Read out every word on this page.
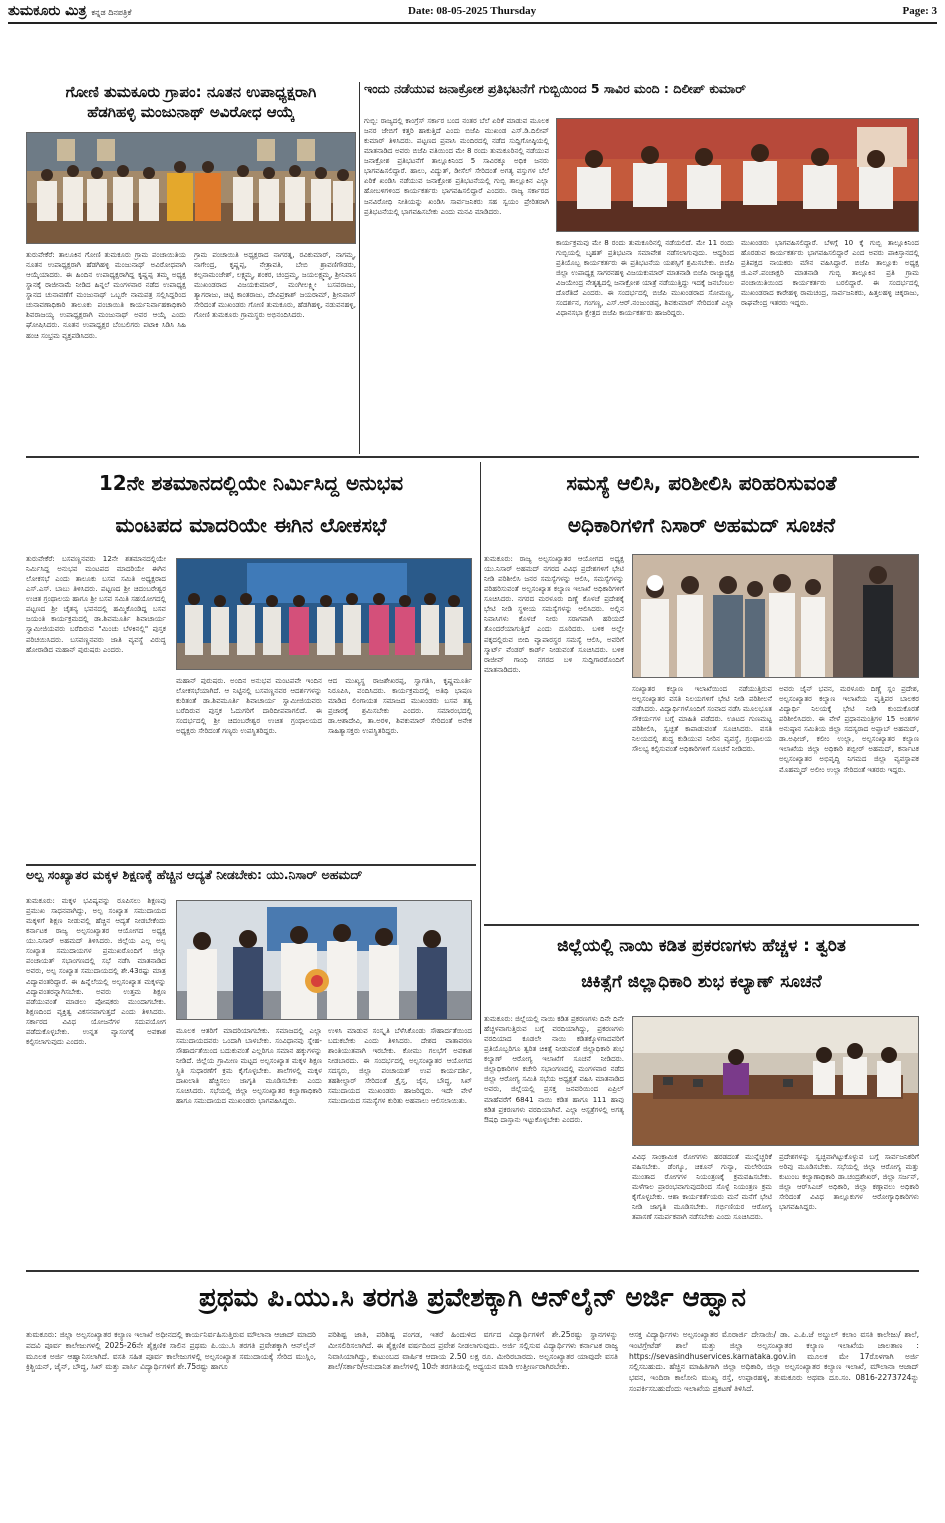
ತುಮಕೂರು ಮಿತ್ರ ಕನ್ನಡ ದಿನಪತ್ರಿಕೆ	Date: 08-05-2025 Thursday	Page: 3
ಗೋಣಿ ತುಮಕೂರು ಗ್ರಾಪಂ: ನೂತನ ಉಪಾಧ್ಯಕ್ಷರಾಗಿ
ಹೆಡಗಿಹಳ್ಳಿ ಮಂಜುನಾಥ್ ಅವಿರೋಧ ಆಯ್ಕೆ
ತುರುವೇಕೆರೆ: ತಾಲೂಕಿನ ಗೋಣಿ ತುಮಕೂರು ಗ್ರಾಮ ಪಂಚಾಯಿತಿಯ ನೂತನ ಉಪಾಧ್ಯಕ್ಷರಾಗಿ ಹೆಡಗಿಹಳ್ಳಿ ಮಂಜುನಾಥ್ ಅವಿರೋಧವಾಗಿ ಆಯ್ಕೆಯಾದರು. ಈ ಹಿಂದಿನ ಉಪಾಧ್ಯಕ್ಷರಾಗಿದ್ದ ಕೃಷ್ಣಪ್ಪ ತಮ್ಮ ಅಧ್ಯಕ್ಷ ಸ್ಥಾನಕ್ಕೆ ರಾಜೀನಾಮೆ ನೀಡಿದ ಹಿನ್ನಲೆ ಮಂಗಳವಾರ ನಡೆದ ಉಪಾಧ್ಯಕ್ಷ ಸ್ಥಾನದ ಚುನಾವಣೆಗೆ ಮಂಜುನಾಥ್ ಒಬ್ಬರೇ ನಾಮಪತ್ರ ಸಲ್ಲಿಸಿದ್ದರಿಂದ ಚುನಾವಣಾಧಿಕಾರಿ ತಾಲೂಕು ಪಂಚಾಯಿತಿ ಕಾರ್ಯನಿರ್ವಾಹಕಾಧಿಕಾರಿ ಶಿವರಾಜಯ್ಯ ಉಪಾಧ್ಯಕ್ಷರಾಗಿ ಮಂಜುನಾಥ್ ಅವರ ಆಯ್ಕೆ ಎಂದು ಘೋಷಿಸಿದರು. ನೂತನ ಉಪಾಧ್ಯಕ್ಷರ ಬೆಂಬಲಿಗರು ಪಟಾಕಿ ಸಿಡಿಸಿ ಸಿಹಿ ಹಂಚಿ ಸಂಭ್ರಮ ವ್ಯಕ್ತಪಡಿಸಿದರು.
ಗ್ರಾಮ ಪಂಚಾಯಿತಿ ಅಧ್ಯಕ್ಷರಾದ ನಾಗರತ್ನ, ರವಿಕುಮಾರ್, ನಾಗಮ್ಮ, ನಾಗೇಂದ್ರ, ಕೃಷ್ಣಪ್ಪ, ನೇತ್ರಾವತಿ, ಬೇಬಿ ಶ್ರಾವಣಿಗೌಡರು, ಕಲ್ಪನಾಮಂಜೇಶ್, ಲಕ್ಷ್ಮಮ್ಮ, ಶಂಕರ, ಚಂದ್ರಮ್ಮ, ಜಯಲಕ್ಷ್ಮಮ್ಮ, ಶ್ರೀನಿವಾಸ ಮುಖಂಡರಾದ ವಿಜಯಕುಮಾರ್, ಮಂಗೀಲಕ್ಷ್ಮೀ ಬಸವರಾಜು, ತ್ಯಾಗರಾಜು, ಚಿಟ್ಟಿ ಕಾಂತರಾಜು, ದೇವಿಪ್ರಕಾಶ್ ಜಯರಾಮ್, ಶ್ರೀನಿವಾಸ್ ಸೇರಿದಂತೆ ಮುಖಂಡರು ಗೋಣಿ ತುಮಕೂರು, ಹೆಡಗಿಹಳ್ಳಿ, ನಡುವನಹಳ್ಳಿ, ಗೋಣಿ ತುಮಕೂರು ಗ್ರಾಮಸ್ಥರು ಅಭಿನಂದಿಸಿದರು.
ಇಂದು ನಡೆಯುವ ಜನಾಕ್ರೋಶ ಪ್ರತಿಭಟನೆಗೆ ಗುಬ್ಬಿಯಿಂದ 5 ಸಾವಿರ ಮಂದಿ : ದಿಲೀಪ್ ಕುಮಾರ್
ಗುಬ್ಬಿ: ರಾಜ್ಯದಲ್ಲಿ ಕಾಂಗ್ರೆಸ್ ಸರ್ಕಾರ ಬಂದ ನಂತರ ಬೆಲೆ ಏರಿಕೆ ಮಾಡುವ ಮೂಲಕ ಜನರ ಜೇಬಿಗೆ ಕತ್ತರಿ ಹಾಕುತ್ತಿದೆ ಎಂದು ಬಿಜೆಪಿ ಮುಖಂಡ ಎಸ್.ಡಿ.ದಿಲೀಪ್ ಕುಮಾರ್ ತಿಳಿಸಿದರು. ಪಟ್ಟಣದ ಪ್ರವಾಸಿ ಮಂದಿರದಲ್ಲಿ ನಡೆದ ಸುದ್ದಿಗೋಷ್ಠಿಯಲ್ಲಿ ಮಾತನಾಡಿದ ಅವರು ಬಿಜೆಪಿ ವತಿಯಿಂದ ಮೇ 8 ರಂದು ತುಮಕೂರಿನಲ್ಲಿ ನಡೆಯುವ ಜನಾಕ್ರೋಶ ಪ್ರತಿಭಟನೆಗೆ ತಾಲ್ಲೂಕಿನಿಂದ 5 ಸಾವಿರಕ್ಕೂ ಅಧಿಕ ಜನರು ಭಾಗವಹಿಸಲಿದ್ದಾರೆ. ಹಾಲು, ವಿದ್ಯುತ್, ಡೀಸೆಲ್ ಸೇರಿದಂತೆ ಅಗತ್ಯ ವಸ್ತುಗಳ ಬೆಲೆ ಏರಿಕೆ ಖಂಡಿಸಿ ನಡೆಯುವ ಜನಾಕ್ರೋಶ ಪ್ರತಿಭಟನೆಯಲ್ಲಿ ಗುಬ್ಬಿ ತಾಲ್ಲೂಕಿನ ಎಲ್ಲಾ ಹೋಬಳಿಗಳಿಂದ ಕಾರ್ಯಕರ್ತರು ಭಾಗವಹಿಸಲಿದ್ದಾರೆ ಎಂದರು. ರಾಜ್ಯ ಸರ್ಕಾರದ ಜನವಿರೋಧಿ ನೀತಿಯನ್ನು ಖಂಡಿಸಿ ಸಾರ್ವಜನಿಕರು ಸಹ ಸ್ವಯಂ ಪ್ರೇರಿತರಾಗಿ ಪ್ರತಿಭಟನೆಯಲ್ಲಿ ಭಾಗವಹಿಸಬೇಕು ಎಂದು ಮನವಿ ಮಾಡಿದರು.
ಕಾರ್ಯಕ್ರಮವು ಮೇ 8 ರಂದು ತುಮಕೂರಿನಲ್ಲಿ ನಡೆಯಲಿದೆ. ಮೇ 11 ರಂದು ಗುಬ್ಬಿಯಲ್ಲಿ ಬೃಹತ್ ಪ್ರತಿಭಟನಾ ಸಮಾವೇಶ ನಡೆಸಲಾಗುವುದು. ಆದ್ದರಿಂದ ಪ್ರತಿಯೊಬ್ಬ ಕಾರ್ಯಕರ್ತರು ಈ ಪ್ರತಿಭಟನೆಯ ಯಶಸ್ಸಿಗೆ ಶ್ರಮಿಸಬೇಕು. ಬಿಜೆಪಿ ಜಿಲ್ಲಾ ಉಪಾಧ್ಯಕ್ಷ ಸಾಗರನಹಳ್ಳಿ ವಿಜಯಕುಮಾರ್ ಮಾತನಾಡಿ ಬಿಜೆಪಿ ರಾಜ್ಯಾಧ್ಯಕ್ಷ ವಿಜಯೇಂದ್ರ ನೇತೃತ್ವದಲ್ಲಿ ಜನಾಕ್ರೋಶ ಯಾತ್ರೆ ನಡೆಯುತ್ತಿದ್ದು ಇದಕ್ಕೆ ಜನಬೆಂಬಲ ದೊರೆತಿದೆ ಎಂದರು. ಈ ಸಂದರ್ಭದಲ್ಲಿ ಬಿಜೆಪಿ ಮುಖಂಡರಾದ ಸೋಮಣ್ಣ, ಸಂದರ್ಶನ, ಗಂಗಣ್ಣ, ಎಸ್.ಆರ್.ನಂಜುಂಡಪ್ಪ, ಶಿವಕುಮಾರ್ ಸೇರಿದಂತೆ ಎಲ್ಲಾ ವಿಧಾನಸಭಾ ಕ್ಷೇತ್ರದ ಬಿಜೆಪಿ ಕಾರ್ಯಕರ್ತರು ಹಾಜರಿದ್ದರು.
ಮುಖಂಡರು ಭಾಗವಹಿಸಲಿದ್ದಾರೆ. ಬೆಳಿಗ್ಗೆ 10 ಕ್ಕೆ ಗುಬ್ಬಿ ತಾಲ್ಲೂಕಿನಿಂದ ಹೊರಡುವ ಕಾರ್ಯಕರ್ತರು ಭಾಗವಹಿಸಲಿದ್ದಾರೆ ಎಂದ ಅವರು ಪಾಕಿಸ್ತಾನದಲ್ಲಿ ಪ್ರತಿಪಕ್ಷದ ನಾಯಕರು ಮೌನ ವಹಿಸಿದ್ದಾರೆ. ಬಿಜೆಪಿ ತಾಲ್ಲೂಕು ಅಧ್ಯಕ್ಷ ಜಿ.ಎನ್.ಪಂಚಾಕ್ಷರಿ ಮಾತನಾಡಿ ಗುಬ್ಬಿ ತಾಲ್ಲೂಕಿನ ಪ್ರತಿ ಗ್ರಾಮ ಪಂಚಾಯಿತಿಯಿಂದ ಕಾರ್ಯಕರ್ತರು ಬರಲಿದ್ದಾರೆ. ಈ ಸಂದರ್ಭದಲ್ಲಿ ಮುಖಂಡರಾದ ಕಾರೇಹಳ್ಳಿ ರಾಮಚಂದ್ರ, ಸಾರ್ವಜನಿಕರು, ಹಿತ್ತಲಹಳ್ಳಿ ಚಿಕ್ಕರಾಜು, ರಾಘವೇಂದ್ರ ಇತರರು ಇದ್ದರು.
12ನೇ ಶತಮಾನದಲ್ಲಿಯೇ ನಿರ್ಮಿಸಿದ್ದ ಅನುಭವ
ಮಂಟಪದ ಮಾದರಿಯೇ ಈಗಿನ ಲೋಕಸಭೆ
ತುರುವೇಕೆರೆ: ಬಸವಣ್ಣನವರು 12ನೇ ಶತಮಾನದಲ್ಲಿಯೇ ನಿರ್ಮಿಸಿದ್ದ ಅನುಭವ ಮಂಟಪದ ಮಾದರಿಯೇ ಈಗಿನ ಲೋಕಸಭೆ ಎಂದು ತಾಲೂಕು ಬಸವ ಸಮಿತಿ ಅಧ್ಯಕ್ಷರಾದ ಎಸ್.ಎಸ್. ಬಾಬು ತಿಳಿಸಿದರು. ಪಟ್ಟಣದ ಶ್ರೀ ಚಿದಂಬರೇಶ್ವರ ಉಚಿತ ಗ್ರಂಥಾಲಯ ಹಾಗೂ ಶ್ರೀ ಬಸವ ಸಮಿತಿ ಸಹಯೋಗದಲ್ಲಿ ಪಟ್ಟಣದ ಶ್ರೀ ಚೈತನ್ಯ ಭವನದಲ್ಲಿ ಹಮ್ಮಿಕೊಂಡಿದ್ದ ಬಸವ ಜಯಂತಿ ಕಾರ್ಯಕ್ರಮದಲ್ಲಿ ಡಾ.ಶಿವಮೂರ್ತಿ ಶಿವಾಚಾರ್ಯ ಸ್ವಾಮೀಜಿಯವರು ಬರೆದಿರುವ "ಮಿಂಚು ಬೆಳಕಿನಲ್ಲಿ" ಪುಸ್ತಕ ಪರಿಚಯಿಸಿದರು. ಬಸವಣ್ಣನವರು ಜಾತಿ ವ್ಯವಸ್ಥೆ ವಿರುದ್ಧ ಹೋರಾಡಿದ ಮಹಾನ್ ಪುರುಷರು ಎಂದರು.
ಮಹಾನ್ ಪುರುಷರು. ಅಂದಿನ ಅನುಭವ ಮಂಟಪವೇ ಇಂದಿನ ಲೋಕಸಭೆಯಾಗಿದೆ. ಆ ನಿಟ್ಟಿನಲ್ಲಿ ಬಸವಣ್ಣನವರ ಆದರ್ಶಗಳನ್ನು ಕುರಿತಂತೆ ಡಾ.ಶಿವಮೂರ್ತಿ ಶಿವಾಚಾರ್ಯ ಸ್ವಾಮೀಜಿಯವರು ಬರೆದಿರುವ ಪುಸ್ತಕ ಓದುಗರಿಗೆ ದಾರಿದೀಪವಾಗಲಿದೆ. ಈ ಸಂದರ್ಭದಲ್ಲಿ ಶ್ರೀ ಚಿದಂಬರೇಶ್ವರ ಉಚಿತ ಗ್ರಂಥಾಲಯದ ಅಧ್ಯಕ್ಷರು ಸೇರಿದಂತೆ ಗಣ್ಯರು ಉಪಸ್ಥಿತರಿದ್ದರು.
ಆದ ಮುಖ್ಯಸ್ಥ ರಾಜಶೇಖರಪ್ಪ, ಸ್ವಾಗತಿಸಿ, ಕೃಷ್ಣಮೂರ್ತಿ ನಿರೂಪಿಸಿ, ವಂದಿಸಿದರು. ಕಾರ್ಯಕ್ರಮದಲ್ಲಿ ಅತಿಥಿ ಭಾಷಣ ಮಾಡಿದ ಲಿಂಗಾಯತ ಸಮಾಜದ ಮುಖಂಡರು ಬಸವ ತತ್ವ ಪ್ರಚಾರಕ್ಕೆ ಶ್ರಮಿಸಬೇಕು ಎಂದರು. ಸಮಾರಂಭದಲ್ಲಿ ಡಾ.ಆಶಾದೇವಿ, ತಾ.ಅರಳಿ, ಶಿವಕುಮಾರ್ ಸೇರಿದಂತೆ ಅನೇಕ ಸಾಹಿತ್ಯಾಸಕ್ತರು ಉಪಸ್ಥಿತರಿದ್ದರು.
ಸಮಸ್ಯೆ ಆಲಿಸಿ, ಪರಿಶೀಲಿಸಿ ಪರಿಹರಿಸುವಂತೆ
ಅಧಿಕಾರಿಗಳಿಗೆ ನಿಸಾರ್ ಅಹಮದ್ ಸೂಚನೆ
ತುಮಕೂರು: ರಾಜ್ಯ ಅಲ್ಪಸಂಖ್ಯಾತರ ಆಯೋಗದ ಅಧ್ಯಕ್ಷ ಯು.ನಿಸಾರ್ ಅಹಮದ್ ನಗರದ ವಿವಿಧ ಪ್ರದೇಶಗಳಿಗೆ ಭೇಟಿ ನೀಡಿ ಪರಿಶೀಲಿಸಿ ಜನರ ಸಮಸ್ಯೆಗಳನ್ನು ಆಲಿಸಿ, ಸಮಸ್ಯೆಗಳನ್ನು ಪರಿಹರಿಸುವಂತೆ ಅಲ್ಪಸಂಖ್ಯಾತ ಕಲ್ಯಾಣ ಇಲಾಖೆ ಅಧಿಕಾರಿಗಳಿಗೆ ಸೂಚಿಸಿದರು. ನಗರದ ಮರಳೂರು ದಿಣ್ಣೆ ಕೊಳಚೆ ಪ್ರದೇಶಕ್ಕೆ ಭೇಟಿ ನೀಡಿ ಸ್ಥಳೀಯ ಸಮಸ್ಯೆಗಳನ್ನು ಆಲಿಸಿದರು. ಅಲ್ಲಿನ ನಿವಾಸಿಗಳು ಕೊಳಚೆ ನೀರು ಸರಾಗವಾಗಿ ಹರಿಯದೆ ತೊಂದರೆಯಾಗುತ್ತಿದೆ ಎಂದು ದೂರಿದರು. ಬಳಿಕ ಅಲ್ಲೇ ಪಕ್ಕದಲ್ಲಿರುವ ಬೀದಿ ವ್ಯಾಪಾರಸ್ಥರ ಸಮಸ್ಯೆ ಆಲಿಸಿ, ಅವರಿಗೆ ಸ್ಮಾರ್ಟ್ ವೆಂಡರ್ ಕಾರ್ಡ್ ನೀಡುವಂತೆ ಸೂಚಿಸಿದರು. ಬಳಿಕ ರಾಜೀವ್ ಗಾಂಧಿ ನಗರದ ಬಳಿ ಸುದ್ದಿಗಾರರೊಂದಿಗೆ ಮಾತನಾಡಿದರು.
ಸಂಖ್ಯಾತರ ಕಲ್ಯಾಣ ಇಲಾಖೆಯಿಂದ ನಡೆಯುತ್ತಿರುವ ಅಲ್ಪಸಂಖ್ಯಾತರ ವಸತಿ ನಿಲಯಗಳಿಗೆ ಭೇಟಿ ನೀಡಿ ಪರಿಶೀಲನೆ ನಡೆಸಿದರು. ವಿದ್ಯಾರ್ಥಿಗಳೊಂದಿಗೆ ಸಂವಾದ ನಡೆಸಿ ಮೂಲಭೂತ ಸೌಕರ್ಯಗಳ ಬಗ್ಗೆ ಮಾಹಿತಿ ಪಡೆದರು. ಊಟದ ಗುಣಮಟ್ಟ ಪರಿಶೀಲಿಸಿ, ಸ್ವಚ್ಛತೆ ಕಾಪಾಡುವಂತೆ ಸೂಚಿಸಿದರು. ವಸತಿ ನಿಲಯದಲ್ಲಿ ಶುದ್ಧ ಕುಡಿಯುವ ನೀರಿನ ವ್ಯವಸ್ಥೆ, ಗ್ರಂಥಾಲಯ ಸೌಲಭ್ಯ ಕಲ್ಪಿಸುವಂತೆ ಅಧಿಕಾರಿಗಳಿಗೆ ಸೂಚನೆ ನೀಡಿದರು.
ಅವರು ಜೈನ್ ಭವನ, ಮರಳೂರು ದಿಣ್ಣೆ ಸ್ಲಂ ಪ್ರದೇಶ, ಅಲ್ಪಸಂಖ್ಯಾತರ ಕಲ್ಯಾಣ ಇಲಾಖೆಯ ವೃತ್ತಿಪರ ಬಾಲಕರ ವಿದ್ಯಾರ್ಥಿ ನಿಲಯಕ್ಕೆ ಭೇಟಿ ನೀಡಿ ಕುಂದುಕೊರತೆ ಪರಿಶೀಲಿಸಿದರು. ಈ ವೇಳೆ ಪ್ರಧಾನಮಂತ್ರಿಗಳ 15 ಅಂಶಗಳ ಅನುಷ್ಠಾನ ಸಮಿತಿಯ ಜಿಲ್ಲಾ ಸದಸ್ಯರಾದ ಅಫ್ತಾಬ್ ಅಹಮದ್, ಡಾ.ಅಫೀಜ್, ಕಲೀಂ ಉಲ್ಲಾ, ಅಲ್ಪಸಂಖ್ಯಾತರ ಕಲ್ಯಾಣ ಇಲಾಖೆಯ ಜಿಲ್ಲಾ ಅಧಿಕಾರಿ ಶಬ್ಬೀರ್ ಅಹಮದ್, ಕರ್ನಾಟಕ ಅಲ್ಪಸಂಖ್ಯಾತರ ಅಭಿವೃದ್ಧಿ ನಿಗಮದ ಜಿಲ್ಲಾ ವ್ಯವಸ್ಥಾಪಕ ಮೊಹಮ್ಮದ್ ಅಲೀಂ ಉಲ್ಲಾ ಸೇರಿದಂತೆ ಇತರರು ಇದ್ದರು.
ಅಲ್ಪ ಸಂಖ್ಯಾತರ ಮಕ್ಕಳ ಶಿಕ್ಷಣಕ್ಕೆ ಹೆಚ್ಚಿನ ಆದ್ಯತೆ ನೀಡಬೇಕು: ಯು.ನಿಸಾರ್ ಅಹಮದ್
ತುಮಕೂರು: ಮಕ್ಕಳ ಭವಿಷ್ಯವನ್ನು ರೂಪಿಸಲು ಶಿಕ್ಷಣವು ಪ್ರಮುಖ ಸಾಧನವಾಗಿದ್ದು, ಅಲ್ಪ ಸಂಖ್ಯಾತ ಸಮುದಾಯದ ಮಕ್ಕಳಿಗೆ ಶಿಕ್ಷಣ ನೀಡುವಲ್ಲಿ ಹೆಚ್ಚಿನ ಆದ್ಯತೆ ನೀಡಬೇಕೆಂದು ಕರ್ನಾಟಕ ರಾಜ್ಯ ಅಲ್ಪಸಂಖ್ಯಾತರ ಆಯೋಗದ ಅಧ್ಯಕ್ಷ ಯು.ನಿಸಾರ್ ಅಹಮದ್ ತಿಳಿಸಿದರು. ಜಿಲ್ಲೆಯ ಎಲ್ಲ ಅಲ್ಪ ಸಂಖ್ಯಾತ ಸಮುದಾಯಗಳ ಪ್ರಮುಖರೊಂದಿಗೆ ಜಿಲ್ಲಾ ಪಂಚಾಯತ್ ಸಭಾಂಗಣದಲ್ಲಿ ಸಭೆ ನಡೆಸಿ ಮಾತನಾಡಿದ ಅವರು, ಅಲ್ಪ ಸಂಖ್ಯಾತ ಸಮುದಾಯದಲ್ಲಿ ಶೇ.43ರಷ್ಟು ಮಾತ್ರ ವಿದ್ಯಾವಂತರಿದ್ದಾರೆ. ಈ ಹಿನ್ನೆಲೆಯಲ್ಲಿ ಅಲ್ಪಸಂಖ್ಯಾತ ಮಕ್ಕಳನ್ನು ವಿದ್ಯಾವಂತರನ್ನಾಗಿಸಬೇಕು. ಅವರು ಉತ್ತಮ ಶಿಕ್ಷಣ ಪಡೆಯುವಂತೆ ಮಾಡಲು ಪೋಷಕರು ಮುಂದಾಗಬೇಕು. ಶಿಕ್ಷಣದಿಂದ ವ್ಯಕ್ತಿತ್ವ ವಿಕಸನವಾಗುತ್ತದೆ ಎಂದು ತಿಳಿಸಿದರು. ಸರ್ಕಾರದ ವಿವಿಧ ಯೋಜನೆಗಳ ಸದುಪಯೋಗ ಪಡೆದುಕೊಳ್ಳಬೇಕು. ಉನ್ನತ ವ್ಯಾಸಂಗಕ್ಕೆ ಅವಕಾಶ ಕಲ್ಪಿಸಲಾಗುವುದು ಎಂದರು.
ಮೂಲಕ ಆತರಿಗೆ ಮಾದರಿಯಾಗಬೇಕು. ಸಮಾಜದಲ್ಲಿ ಎಲ್ಲಾ ಸಮುದಾಯದವರು ಒಂದಾಗಿ ಬಾಳಬೇಕು. ಸಂವಿಧಾನವು ಸ್ನೇಹ-ಸೌಹಾರ್ದತೆಯಿಂದ ಬದುಕುವಂತೆ ಎಲ್ಲರಿಗೂ ಸಮಾನ ಹಕ್ಕುಗಳನ್ನು ನೀಡಿದೆ. ಜಿಲ್ಲೆಯ ಗ್ರಾಮೀಣ ಮಟ್ಟದ ಅಲ್ಪಸಂಖ್ಯಾತ ಮಕ್ಕಳ ಶಿಕ್ಷಣ ಸ್ಥಿತಿ ಸುಧಾರಣೆಗೆ ಕ್ರಮ ಕೈಗೊಳ್ಳಬೇಕು. ಶಾಲೆಗಳಲ್ಲಿ ಮಕ್ಕಳ ದಾಖಲಾತಿ ಹೆಚ್ಚಿಸಲು ಜಾಗೃತಿ ಮೂಡಿಸಬೇಕು ಎಂದು ಸೂಚಿಸಿದರು. ಸಭೆಯಲ್ಲಿ ಜಿಲ್ಲಾ ಅಲ್ಪಸಂಖ್ಯಾತರ ಕಲ್ಯಾಣಾಧಿಕಾರಿ ಹಾಗೂ ಸಮುದಾಯದ ಮುಖಂಡರು ಭಾಗವಹಿಸಿದ್ದರು.
ಉಳಿಸಿ ಮಾಡುವ ಸಂಸ್ಕೃತಿ ಬೆಳೆಸಿಕೊಂಡು ಸೌಹಾರ್ದತೆಯಿಂದ ಬದುಕಬೇಕು ಎಂದು ತಿಳಿಸಿದರು. ದೇಶದ ವಾತಾವರಣ ಶಾಂತಿಯುತವಾಗಿ ಇರಬೇಕು. ಕೋಮು ಗಲಭೆಗೆ ಅವಕಾಶ ನೀಡಬಾರದು. ಈ ಸಂದರ್ಭದಲ್ಲಿ ಅಲ್ಪಸಂಖ್ಯಾತರ ಆಯೋಗದ ಸದಸ್ಯರು, ಜಿಲ್ಲಾ ಪಂಚಾಯತ್ ಉಪ ಕಾರ್ಯದರ್ಶಿ, ತಹಶೀಲ್ದಾರ್ ಸೇರಿದಂತೆ ಕ್ರೈಸ್ತ, ಜೈನ, ಬೌದ್ಧ, ಸಿಖ್ ಸಮುದಾಯದ ಮುಖಂಡರು ಹಾಜರಿದ್ದರು. ಇದೇ ವೇಳೆ ಸಮುದಾಯದ ಸಮಸ್ಯೆಗಳ ಕುರಿತು ಅಹವಾಲು ಆಲಿಸಲಾಯಿತು.
ಜಿಲ್ಲೆಯಲ್ಲಿ ನಾಯಿ ಕಡಿತ ಪ್ರಕರಣಗಳು ಹೆಚ್ಚಳ : ತ್ವರಿತ
ಚಿಕಿತ್ಸೆಗೆ ಜಿಲ್ಲಾಧಿಕಾರಿ ಶುಭ ಕಲ್ಯಾಣ್ ಸೂಚನೆ
ತುಮಕೂರು: ಜಿಲ್ಲೆಯಲ್ಲಿ ನಾಯಿ ಕಡಿತ ಪ್ರಕರಣಗಳು ದಿನೇ ದಿನೇ ಹೆಚ್ಚಳವಾಗುತ್ತಿರುವ ಬಗ್ಗೆ ವರದಿಯಾಗಿದ್ದು, ಪ್ರಕರಣಗಳು ವರದಿಯಾದ ಕೂಡಲೇ ನಾಯಿ ಕಡಿತಕ್ಕೊಳಗಾದವರಿಗೆ ಪ್ರತಿಯೊಬ್ಬರಿಗೂ ತ್ವರಿತ ಚಿಕಿತ್ಸೆ ನೀಡುವಂತೆ ಜಿಲ್ಲಾಧಿಕಾರಿ ಶುಭ ಕಲ್ಯಾಣ್ ಆರೋಗ್ಯ ಇಲಾಖೆಗೆ ಸೂಚನೆ ನೀಡಿದರು. ಜಿಲ್ಲಾಧಿಕಾರಿಗಳ ಕಚೇರಿ ಸಭಾಂಗಣದಲ್ಲಿ ಮಂಗಳವಾರ ನಡೆದ ಜಿಲ್ಲಾ ಆರೋಗ್ಯ ಸಮಿತಿ ಸಭೆಯ ಅಧ್ಯಕ್ಷತೆ ವಹಿಸಿ ಮಾತನಾಡಿದ ಅವರು, ಜಿಲ್ಲೆಯಲ್ಲಿ ಪ್ರಸಕ್ತ ಜನವರಿಯಿಂದ ಏಪ್ರಿಲ್ ಮಾಹೆವರೆಗೆ 6841 ನಾಯಿ ಕಡಿತ ಹಾಗೂ 111 ಹಾವು ಕಡಿತ ಪ್ರಕರಣಗಳು ವರದಿಯಾಗಿವೆ. ಎಲ್ಲಾ ಆಸ್ಪತ್ರೆಗಳಲ್ಲಿ ಅಗತ್ಯ ಔಷಧಿ ದಾಸ್ತಾನು ಇಟ್ಟುಕೊಳ್ಳಬೇಕು ಎಂದರು.
ವಿವಿಧ ಸಾಂಕ್ರಾಮಿಕ ರೋಗಗಳು ಹರಡದಂತೆ ಮುನ್ನೆಚ್ಚರಿಕೆ ವಹಿಸಬೇಕು. ಡೆಂಗ್ಯೂ, ಚಿಕೂನ್ ಗುನ್ಯಾ, ಮಲೇರಿಯಾ ಮುಂತಾದ ರೋಗಗಳ ನಿಯಂತ್ರಣಕ್ಕೆ ಕ್ರಮವಹಿಸಬೇಕು. ಮಳೆಗಾಲ ಪ್ರಾರಂಭವಾಗುವುದರಿಂದ ಸೊಳ್ಳೆ ನಿಯಂತ್ರಣ ಕ್ರಮ ಕೈಗೊಳ್ಳಬೇಕು. ಆಶಾ ಕಾರ್ಯಕರ್ತೆಯರು ಮನೆ ಮನೆಗೆ ಭೇಟಿ ನೀಡಿ ಜಾಗೃತಿ ಮೂಡಿಸಬೇಕು. ಗರ್ಭಿಣಿಯರ ಆರೋಗ್ಯ ತಪಾಸಣೆ ಸಮರ್ಪಕವಾಗಿ ನಡೆಸಬೇಕು ಎಂದು ಸೂಚಿಸಿದರು.
ಪ್ರದೇಶಗಳನ್ನು ಸ್ವಚ್ಛವಾಗಿಟ್ಟುಕೊಳ್ಳುವ ಬಗ್ಗೆ ಸಾರ್ವಜನಿಕರಿಗೆ ಅರಿವು ಮೂಡಿಸಬೇಕು. ಸಭೆಯಲ್ಲಿ ಜಿಲ್ಲಾ ಆರೋಗ್ಯ ಮತ್ತು ಕುಟುಂಬ ಕಲ್ಯಾಣಾಧಿಕಾರಿ ಡಾ.ಚಂದ್ರಶೇಖರ್, ಜಿಲ್ಲಾ ಸರ್ಜನ್, ಜಿಲ್ಲಾ ಆರ್‌ಸಿಎಚ್ ಅಧಿಕಾರಿ, ಜಿಲ್ಲಾ ಕಣ್ಗಾವಲು ಅಧಿಕಾರಿ ಸೇರಿದಂತೆ ವಿವಿಧ ತಾಲ್ಲೂಕುಗಳ ಆರೋಗ್ಯಾಧಿಕಾರಿಗಳು ಭಾಗವಹಿಸಿದ್ದರು.
ಪ್ರಥಮ ಪಿ.ಯು.ಸಿ ತರಗತಿ ಪ್ರವೇಶಕ್ಕಾಗಿ ಆನ್‌ಲೈನ್ ಅರ್ಜಿ ಆಹ್ವಾನ
ತುಮಕೂರು: ಜಿಲ್ಲಾ ಅಲ್ಪಸಂಖ್ಯಾತರ ಕಲ್ಯಾಣ ಇಲಾಖೆ ಅಧೀನದಲ್ಲಿ ಕಾರ್ಯನಿರ್ವಹಿಸುತ್ತಿರುವ ಮೌಲಾನಾ ಆಜಾದ್ ಮಾದರಿ ಪದವಿ ಪೂರ್ವ ಕಾಲೇಜುಗಳಲ್ಲಿ 2025-26ನೇ ಶೈಕ್ಷಣಿಕ ಸಾಲಿನ ಪ್ರಥಮ ಪಿ.ಯು.ಸಿ ತರಗತಿ ಪ್ರವೇಶಕ್ಕಾಗಿ ಆನ್‌ಲೈನ್ ಮೂಲಕ ಅರ್ಜಿ ಆಹ್ವಾನಿಸಲಾಗಿದೆ. ವಸತಿ ಸಹಿತ ಪೂರ್ವ ಕಾಲೇಜುಗಳಲ್ಲಿ ಅಲ್ಪಸಂಖ್ಯಾತ ಸಮುದಾಯಕ್ಕೆ ಸೇರಿದ ಮುಸ್ಲಿಂ, ಕ್ರಿಶ್ಚಿಯನ್, ಜೈನ್, ಬೌದ್ಧ, ಸಿಖ್ ಮತ್ತು ಪಾರ್ಸಿ ವಿದ್ಯಾರ್ಥಿಗಳಿಗೆ ಶೇ.75ರಷ್ಟು ಹಾಗೂ
ಪರಿಶಿಷ್ಟ ಜಾತಿ, ಪರಿಶಿಷ್ಟ ಪಂಗಡ, ಇತರೆ ಹಿಂದುಳಿದ ವರ್ಗದ ವಿದ್ಯಾರ್ಥಿಗಳಿಗೆ ಶೇ.25ರಷ್ಟು ಸ್ಥಾನಗಳನ್ನು ಮೀಸಲಿರಿಸಲಾಗಿದೆ. ಈ ಶೈಕ್ಷಣಿಕ ವರ್ಷದಿಂದ ಪ್ರವೇಶ ನೀಡಲಾಗುವುದು. ಅರ್ಜಿ ಸಲ್ಲಿಸುವ ವಿದ್ಯಾರ್ಥಿಗಳು ಕರ್ನಾಟಕ ರಾಜ್ಯ ನಿವಾಸಿಯಾಗಿದ್ದು, ಕುಟುಂಬದ ವಾರ್ಷಿಕ ಆದಾಯ 2.50 ಲಕ್ಷ ರೂ. ಮೀರಿರಬಾರದು. ಅಲ್ಪಸಂಖ್ಯಾತರ ಯಾವುದೇ ವಸತಿ ಶಾಲೆ/ಸರ್ಕಾರಿ/ಅನುದಾನಿತ ಶಾಲೆಗಳಲ್ಲಿ 10ನೇ ತರಗತಿಯಲ್ಲಿ ಅಧ್ಯಯನ ಮಾಡಿ ಉತ್ತೀರ್ಣರಾಗಿರಬೇಕು.
ಆಸಕ್ತ ವಿದ್ಯಾರ್ಥಿಗಳು ಅಲ್ಪಸಂಖ್ಯಾತರ ಮೊರಾರ್ಜಿ ದೇಸಾಯಿ/ ಡಾ. ಎ.ಪಿ.ಜೆ ಅಬ್ದುಲ್ ಕಲಾಂ ವಸತಿ ಕಾಲೇಜು/ ಶಾಲೆ, ಇಂಟಿಗ್ರೇಟೆಡ್ ಶಾಲೆ ಮತ್ತು ಜಿಲ್ಲಾ ಅಲ್ಪಸಂಖ್ಯಾತರ ಕಲ್ಯಾಣ ಇಲಾಖೆಯ ಜಾಲತಾಣ : https://sevasindhuservices.karnataka.gov.in ಮೂಲಕ ಮೇ 17ರೊಳಗಾಗಿ ಅರ್ಜಿ ಸಲ್ಲಿಸಬಹುದು. ಹೆಚ್ಚಿನ ಮಾಹಿತಿಗಾಗಿ ಜಿಲ್ಲಾ ಅಧಿಕಾರಿ, ಜಿಲ್ಲಾ ಅಲ್ಪಸಂಖ್ಯಾತರ ಕಲ್ಯಾಣ ಇಲಾಖೆ, ಮೌಲಾನಾ ಆಜಾದ್ ಭವನ, ಇಂದಿರಾ ಕಾಲೋನಿ ಮುಖ್ಯ ರಸ್ತೆ, ಉಪ್ಪಾರಹಳ್ಳಿ, ತುಮಕೂರು ಅಥವಾ ದೂ.ಸಂ. 0816-2273724ನ್ನು ಸಂಪರ್ಕಿಸಬಹುದೆಂದು ಇಲಾಖೆಯ ಪ್ರಕಟಣೆ ತಿಳಿಸಿದೆ.
